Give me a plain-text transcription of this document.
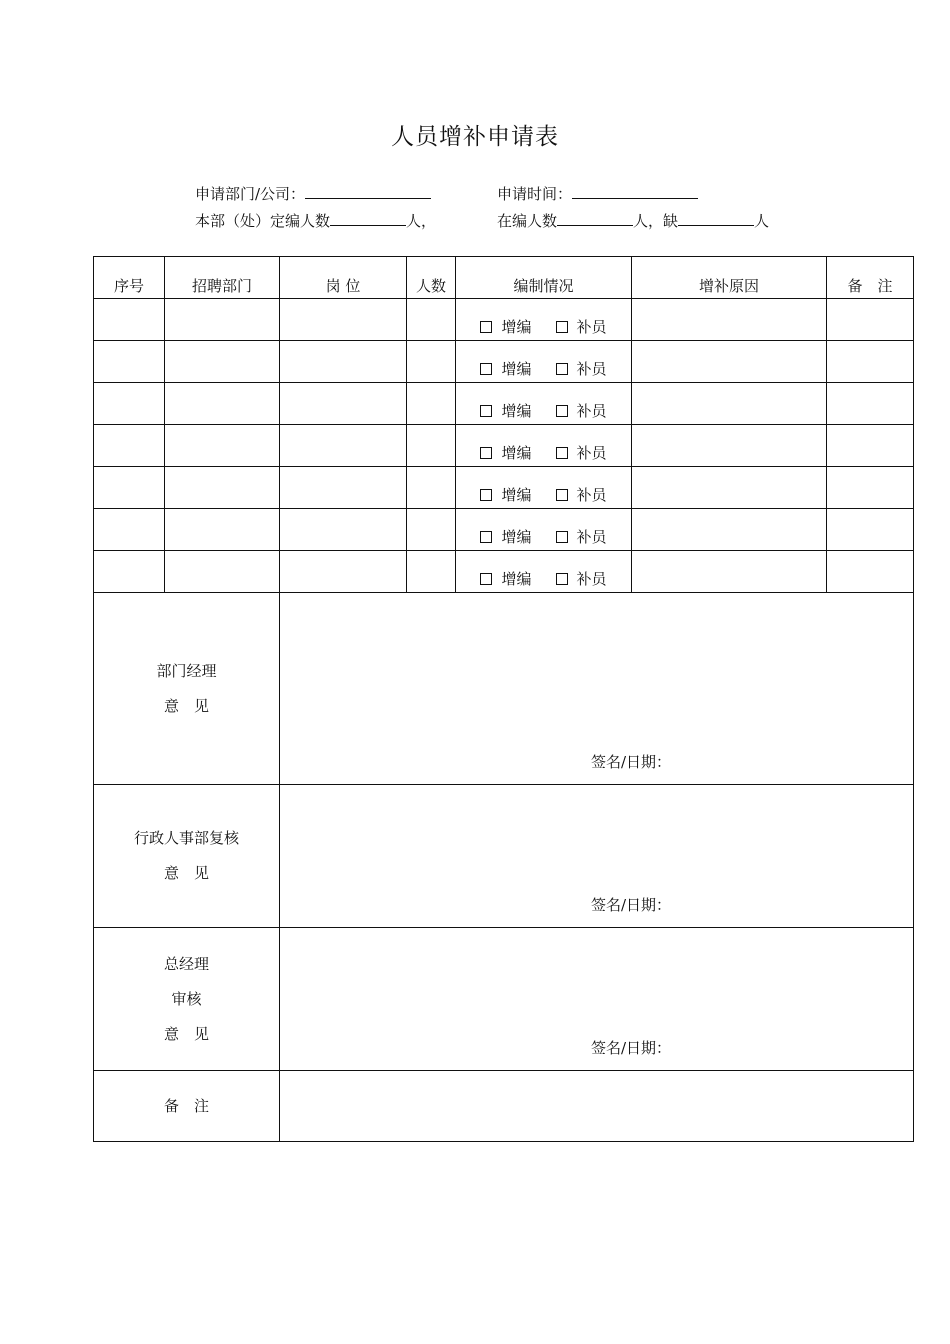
人员增补申请表
申请部门/公司：	申请时间：
本部（处）定编人数	人，	在编人数	人，缺	人
序号	招聘部门	岗 位	人数	编制情况	增补原因	备　注

				增编 补员		

				增编 补员		

				增编 补员		

				增编 补员		

				增编 补员		

				增编 补员		

				增编 补员		

部门经理
意　见		签名/日期：				

行政人事部复核
意　见		签名/日期：				

总经理
审核
意　见		签名/日期：				

备　注						
